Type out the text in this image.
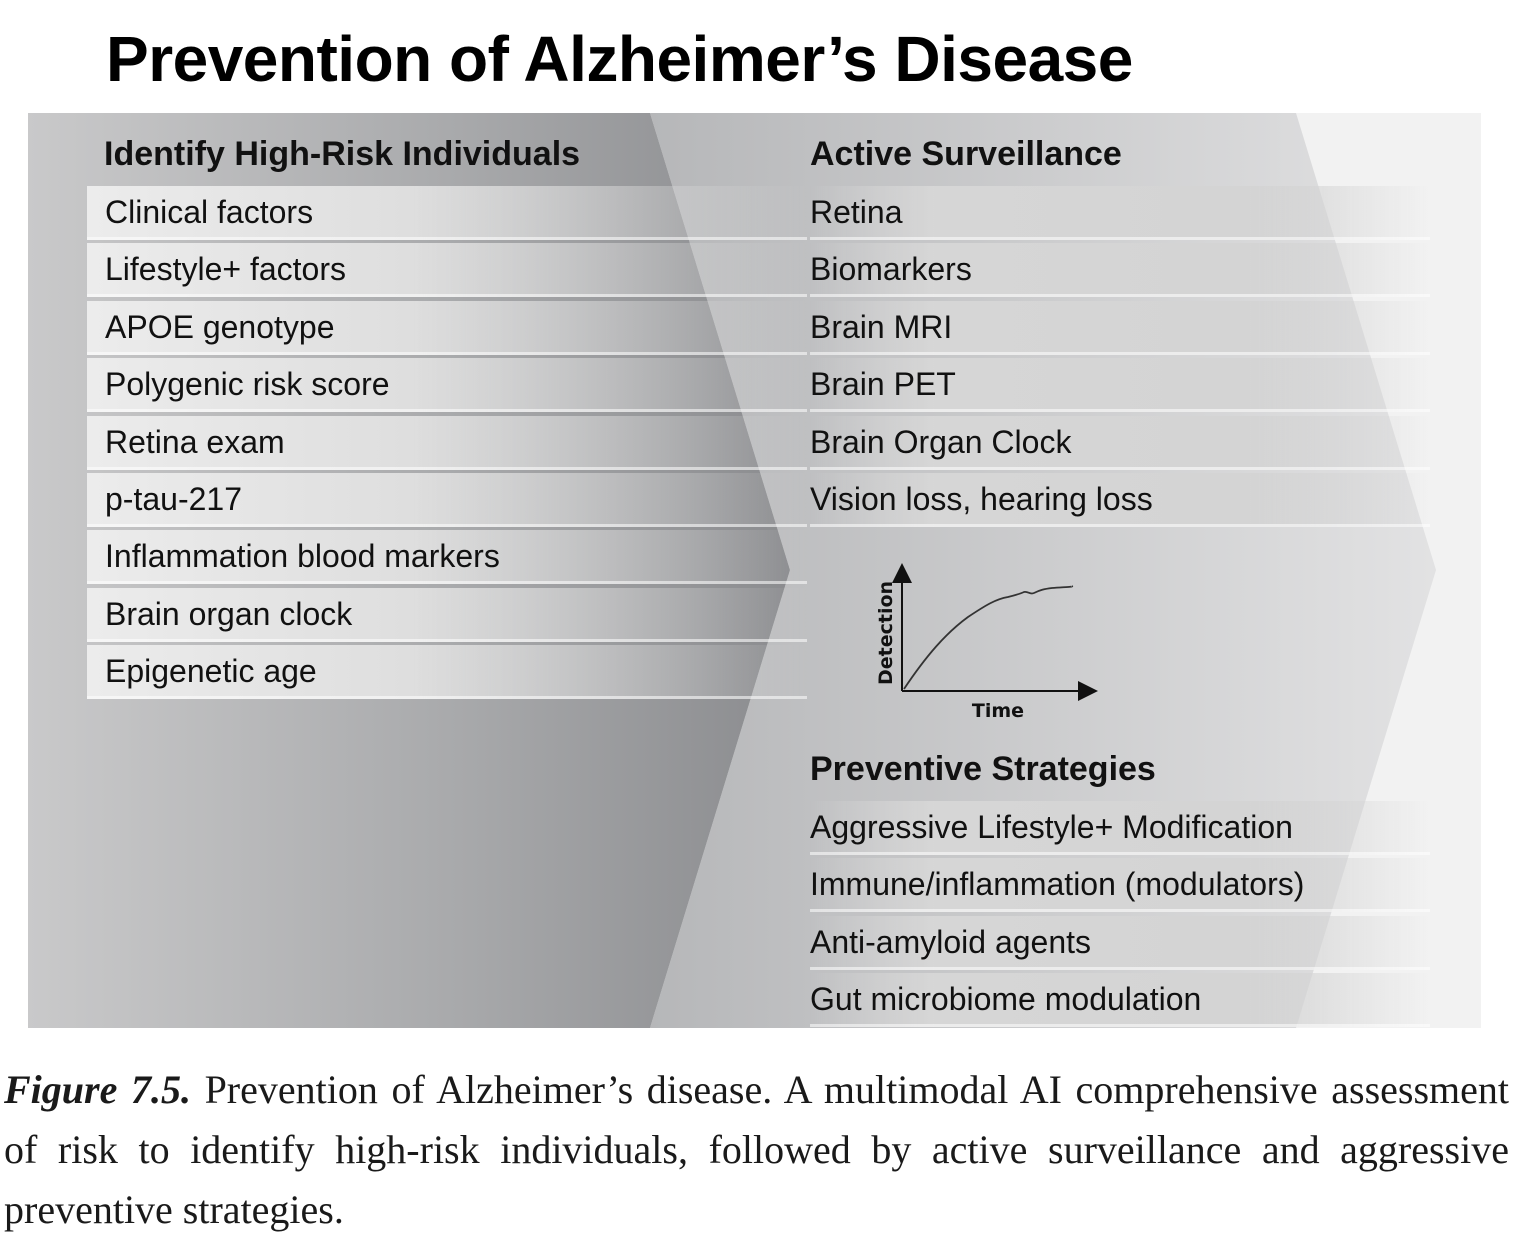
Prevention of Alzheimer’s Disease
Identify High-Risk Individuals
Clinical factors
Lifestyle+ factors
APOE genotype
Polygenic risk score
Retina exam
p-tau-217
Inflammation blood markers
Brain organ clock
Epigenetic age
Active Surveillance
Retina
Biomarkers
Brain MRI
Brain PET
Brain Organ Clock
Vision loss, hearing loss
Time
Detection
Preventive Strategies
Aggressive Lifestyle+ Modification
Immune/inflammation (modulators)
Anti-amyloid agents
Gut microbiome modulation
Figure 7.5. Prevention of Alzheimer’s disease. A multimodal AI comprehensive assessment of risk to identify high-risk individuals, followed by active surveillance and aggressive preventive strategies.
